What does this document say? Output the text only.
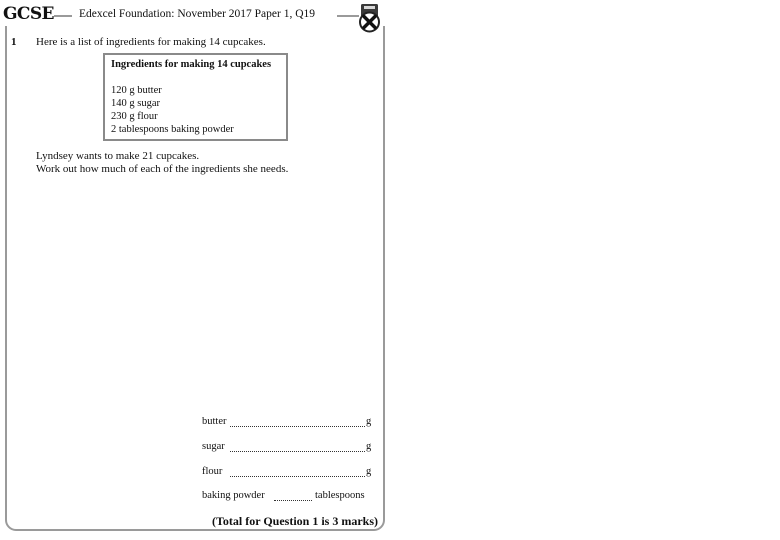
GCSE Edexcel Foundation: November 2017 Paper 1, Q19
1 Here is a list of ingredients for making 14 cupcakes.
Ingredients for making 14 cupcakes
120 g butter
140 g sugar
230 g flour
2 tablespoons baking powder
Lyndsey wants to make 21 cupcakes.
Work out how much of each of the ingredients she needs.
butter	g
sugar	g
flour	g
baking powder	tablespoons
(Total for Question 1 is 3 marks)
